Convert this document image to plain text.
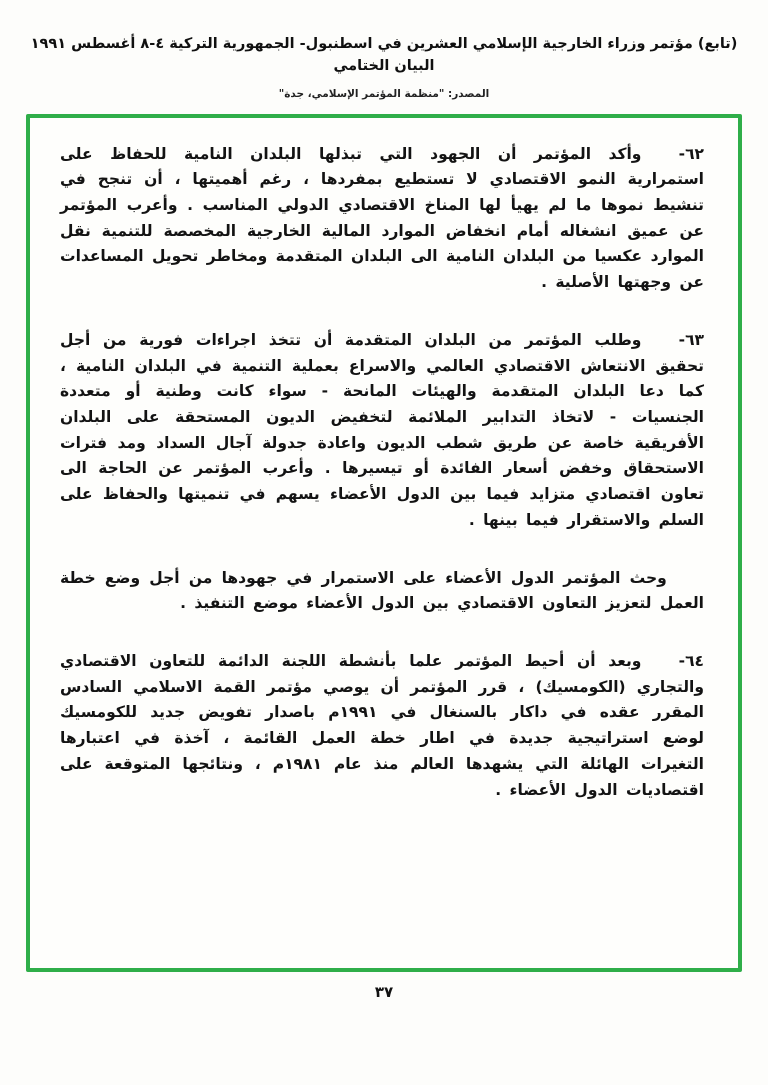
(تابع) مؤتمر وزراء الخارجية الإسلامي العشرين في اسطنبول- الجمهورية التركية ٤-٨ أغسطس ١٩٩١ البيان الختامي
المصدر: "منظمة المؤتمر الإسلامي، جدة"

٦٢-وأكد المؤتمر أن الجهود التي تبذلها البلدان النامية للحفاظ على استمرارية النمو الاقتصادي لا تستطيع بمفردها ، رغم أهميتها ، أن تنجح في تنشيط نموها ما لم يهيأ لها المناخ الاقتصادي الدولي المناسب . وأعرب المؤتمر عن عميق انشغاله أمام انخفاض الموارد المالية الخارجية المخصصة للتنمية نقل الموارد عكسيا من البلدان النامية الى البلدان المتقدمة ومخاطر تحويل المساعدات عن وجهتها الأصلية .

٦٣-وطلب المؤتمر من البلدان المتقدمة أن تتخذ اجراءات فورية من أجل تحقيق الانتعاش الاقتصادي العالمي والاسراع بعملية التنمية في البلدان النامية ، كما دعا البلدان المتقدمة والهيئات المانحة - سواء كانت وطنية أو متعددة الجنسيات - لاتخاذ التدابير الملائمة لتخفيض الديون المستحقة على البلدان الأفريقية خاصة عن طريق شطب الديون واعادة جدولة آجال السداد ومد فترات الاستحقاق وخفض أسعار الفائدة أو تيسيرها . وأعرب المؤتمر عن الحاجة الى تعاون اقتصادي متزايد فيما بين الدول الأعضاء يسهم في تنميتها والحفاظ على السلم والاستقرار فيما بينها .

وحث المؤتمر الدول الأعضاء على الاستمرار في جهودها من أجل وضع خطة العمل لتعزيز التعاون الاقتصادي بين الدول الأعضاء موضع التنفيذ .

٦٤-وبعد أن أحيط المؤتمر علما بأنشطة اللجنة الدائمة للتعاون الاقتصادي والتجاري (الكومسيك) ، قرر المؤتمر أن يوصي مؤتمر القمة الاسلامي السادس المقرر عقده في داكار بالسنغال في ١٩٩١م باصدار تفويض جديد للكومسيك لوضع استراتيجية جديدة في اطار خطة العمل القائمة ، آخذة في اعتبارها التغيرات الهائلة التي يشهدها العالم منذ عام ١٩٨١م ، ونتائجها المتوقعة على اقتصاديات الدول الأعضاء .

٣٧
